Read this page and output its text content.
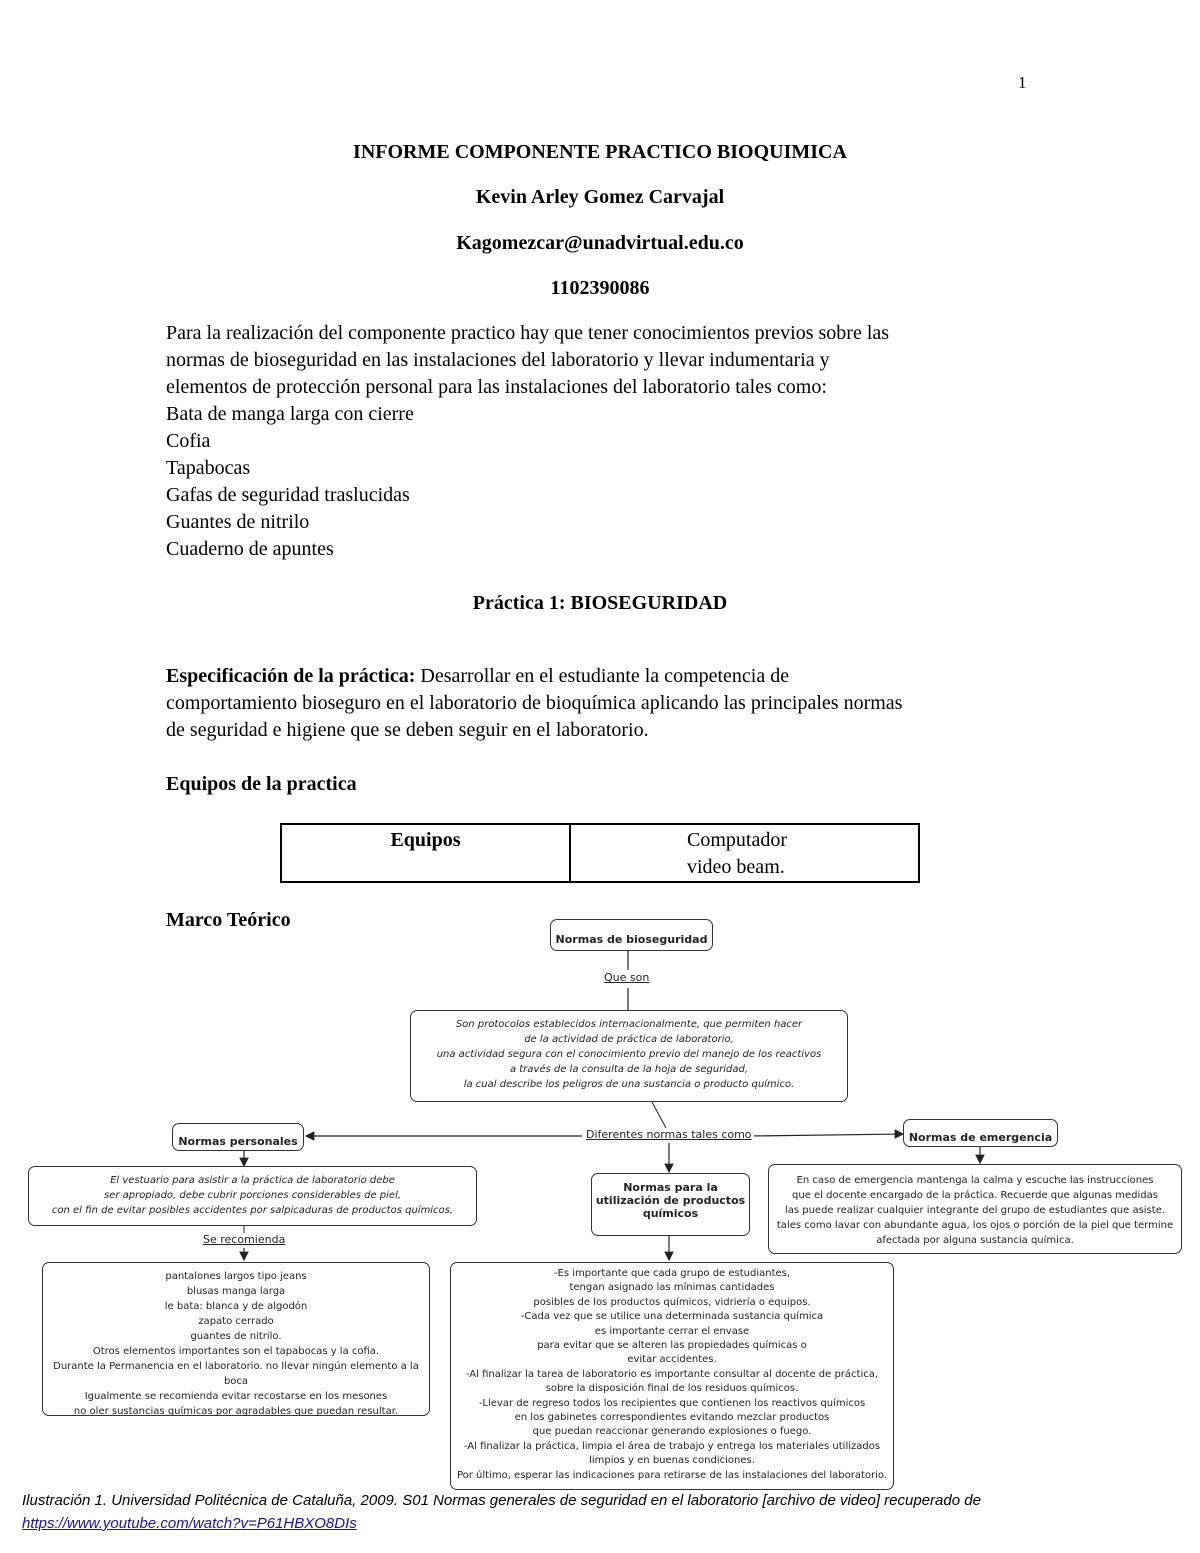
1
INFORME COMPONENTE PRACTICO BIOQUIMICA
Kevin Arley Gomez Carvajal
Kagomezcar@unadvirtual.edu.co
1102390086
Para la realización del componente practico hay que tener conocimientos previos sobre las
normas de bioseguridad en las instalaciones del laboratorio y llevar indumentaria y
elementos de protección personal para las instalaciones del laboratorio tales como:
Bata de manga larga con cierre
Cofia
Tapabocas
Gafas de seguridad traslucidas
Guantes de nitrilo
Cuaderno de apuntes
Práctica 1: BIOSEGURIDAD
Especificación de la práctica: Desarrollar en el estudiante la competencia de
comportamiento bioseguro en el laboratorio de bioquímica aplicando las principales normas
de seguridad e higiene que se deben seguir en el laboratorio.
Equipos de la practica
Equipos	Computador
video beam.
Marco Teórico
Normas de bioseguridad
Que son
Son protocolos establecidos internacionalmente, que permiten hacer
de la actividad de práctica de laboratorio,
una actividad segura con el conocimiento previo del manejo de los reactivos
a través de la consulta de la hoja de seguridad,
la cual describe los peligros de una sustancia o producto químico.
Diferentes normas tales como
Normas personales	Normas de emergencia
El vestuario para asistir a la práctica de laboratorio debe
ser apropiado, debe cubrir porciones considerables de piel,
con el fin de evitar posibles accidentes por salpicaduras de productos químicos,
Normas para la
utilización de productos
químicos
En caso de emergencia mantenga la calma y escuche las instrucciones
que el docente encargado de la práctica. Recuerde que algunas medidas
las puede realizar cualquier integrante del grupo de estudiantes que asiste.
tales como lavar con abundante agua, los ojos o porción de la piel que termine
afectada por alguna sustancia química.
Se recomienda
pantalones largos tipo jeans
blusas manga larga
le bata: blanca y de algodón
zapato cerrado
guantes de nitrilo.
Otros elementos importantes son el tapabocas y la cofia.
Durante la Permanencia en el laboratorio. no llevar ningún elemento a la boca
Igualmente se recomienda evitar recostarse en los mesones
no oler sustancias químicas por agradables que puedan resultar.
-Es importante que cada grupo de estudiantes,
tengan asignado las mínimas cantidades
posibles de los productos químicos, vidriería o equipos.
-Cada vez que se utilice una determinada sustancia química
es importante cerrar el envase
para evitar que se alteren las propiedades químicas o
evitar accidentes.
-Al finalizar la tarea de laboratorio es importante consultar al docente de práctica,
sobre la disposición final de los residuos químicos.
-Llevar de regreso todos los recipientes que contienen los reactivos químicos
en los gabinetes correspondientes evitando mezclar productos
que puedan reaccionar generando explosiones o fuego.
-Al finalizar la práctica, limpia el área de trabajo y entrega los materiales utilizados
limpios y en buenas condiciones.
Por último, esperar las indicaciones para retirarse de las instalaciones del laboratorio.
Ilustración 1. Universidad Politécnica de Cataluña, 2009. S01 Normas generales de seguridad en el laboratorio [archivo de video] recuperado de
https://www.youtube.com/watch?v=P61HBXO8DIs
